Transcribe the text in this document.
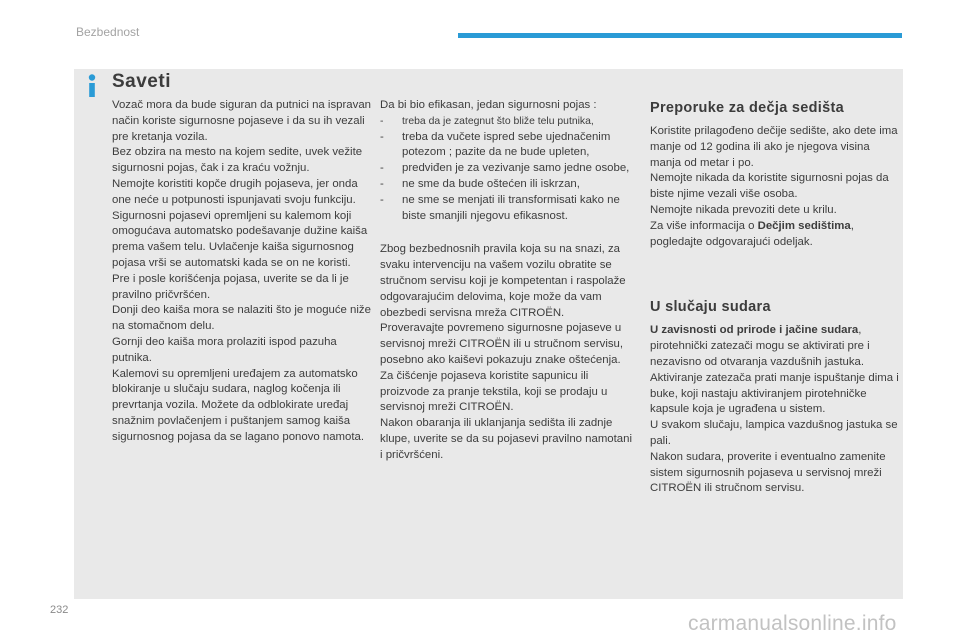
Bezbednost
Saveti

Vozač mora da bude siguran da putnici na ispravan način koriste sigurnosne pojaseve i da su ih vezali pre kretanja vozila.

Bez obzira na mesto na kojem sedite, uvek vežite sigurnosni pojas, čak i za kraću vožnju.

Nemojte koristiti kopče drugih pojaseva, jer onda one neće u potpunosti ispunjavati svoju funkciju.

Sigurnosni pojasevi opremljeni su kalemom koji omogućava automatsko podešavanje dužine kaiša prema vašem telu. Uvlačenje kaiša sigurnosnog pojasa vrši se automatski kada se on ne koristi.

Pre i posle korišćenja pojasa, uverite se da li je pravilno pričvršćen.

Donji deo kaiša mora se nalaziti što je moguće niže na stomačnom delu.

Gornji deo kaiša mora prolaziti ispod pazuha putnika.

Kalemovi su opremljeni uređajem za automatsko blokiranje u slučaju sudara, naglog kočenja ili prevrtanja vozila. Možete da odblokirate uređaj snažnim povlačenjem i puštanjem samog kaiša sigurnosnog pojasa da se lagano ponovo namota.

Da bi bio efikasan, jedan sigurnosni pojas :

- treba da je zategnut što bliže telu putnika,
- treba da vučete ispred sebe ujednačenim potezom ; pazite da ne bude upleten,
- predviđen je za vezivanje samo jedne osobe,
- ne sme da bude oštećen ili iskrzan,
- ne sme se menjati ili transformisati kako ne biste smanjili njegovu efikasnost.

Zbog bezbednosnih pravila koja su na snazi, za svaku intervenciju na vašem vozilu obratite se stručnom servisu koji je kompetentan i raspolaže odgovarajućim delovima, koje može da vam obezbedi servisna mreža CITROËN.

Proveravajte povremeno sigurnosne pojaseve u servisnoj mreži CITROËN ili u stručnom servisu, posebno ako kaiševi pokazuju znake oštećenja.

Za čišćenje pojaseva koristite sapunicu ili proizvode za pranje tekstila, koji se prodaju u servisnoj mreži CITROËN.

Nakon obaranja ili uklanjanja sedišta ili zadnje klupe, uverite se da su pojasevi pravilno namotani i pričvršćeni.

Preporuke za dečja sedišta

Koristite prilagođeno dečije sedište, ako dete ima manje od 12 godina ili ako je njegova visina manja od metar i po.

Nemojte nikada da koristite sigurnosni pojas da biste njime vezali više osoba.

Nemojte nikada prevoziti dete u krilu.

Za više informacija o Dečjim sedištima, pogledajte odgovarajući odeljak.

U slučaju sudara

U zavisnosti od prirode i jačine sudara, pirotehnički zatezači mogu se aktivirati pre i nezavisno od otvaranja vazdušnih jastuka.

Aktiviranje zatezača prati manje ispuštanje dima i buke, koji nastaju aktiviranjem pirotehničke kapsule koja je ugrađena u sistem.

U svakom slučaju, lampica vazdušnog jastuka se pali.

Nakon sudara, proverite i eventualno zamenite sistem sigurnosnih pojaseva u servisnoj mreži CITROËN ili stručnom servisu.

232
carmanualsonline.info
